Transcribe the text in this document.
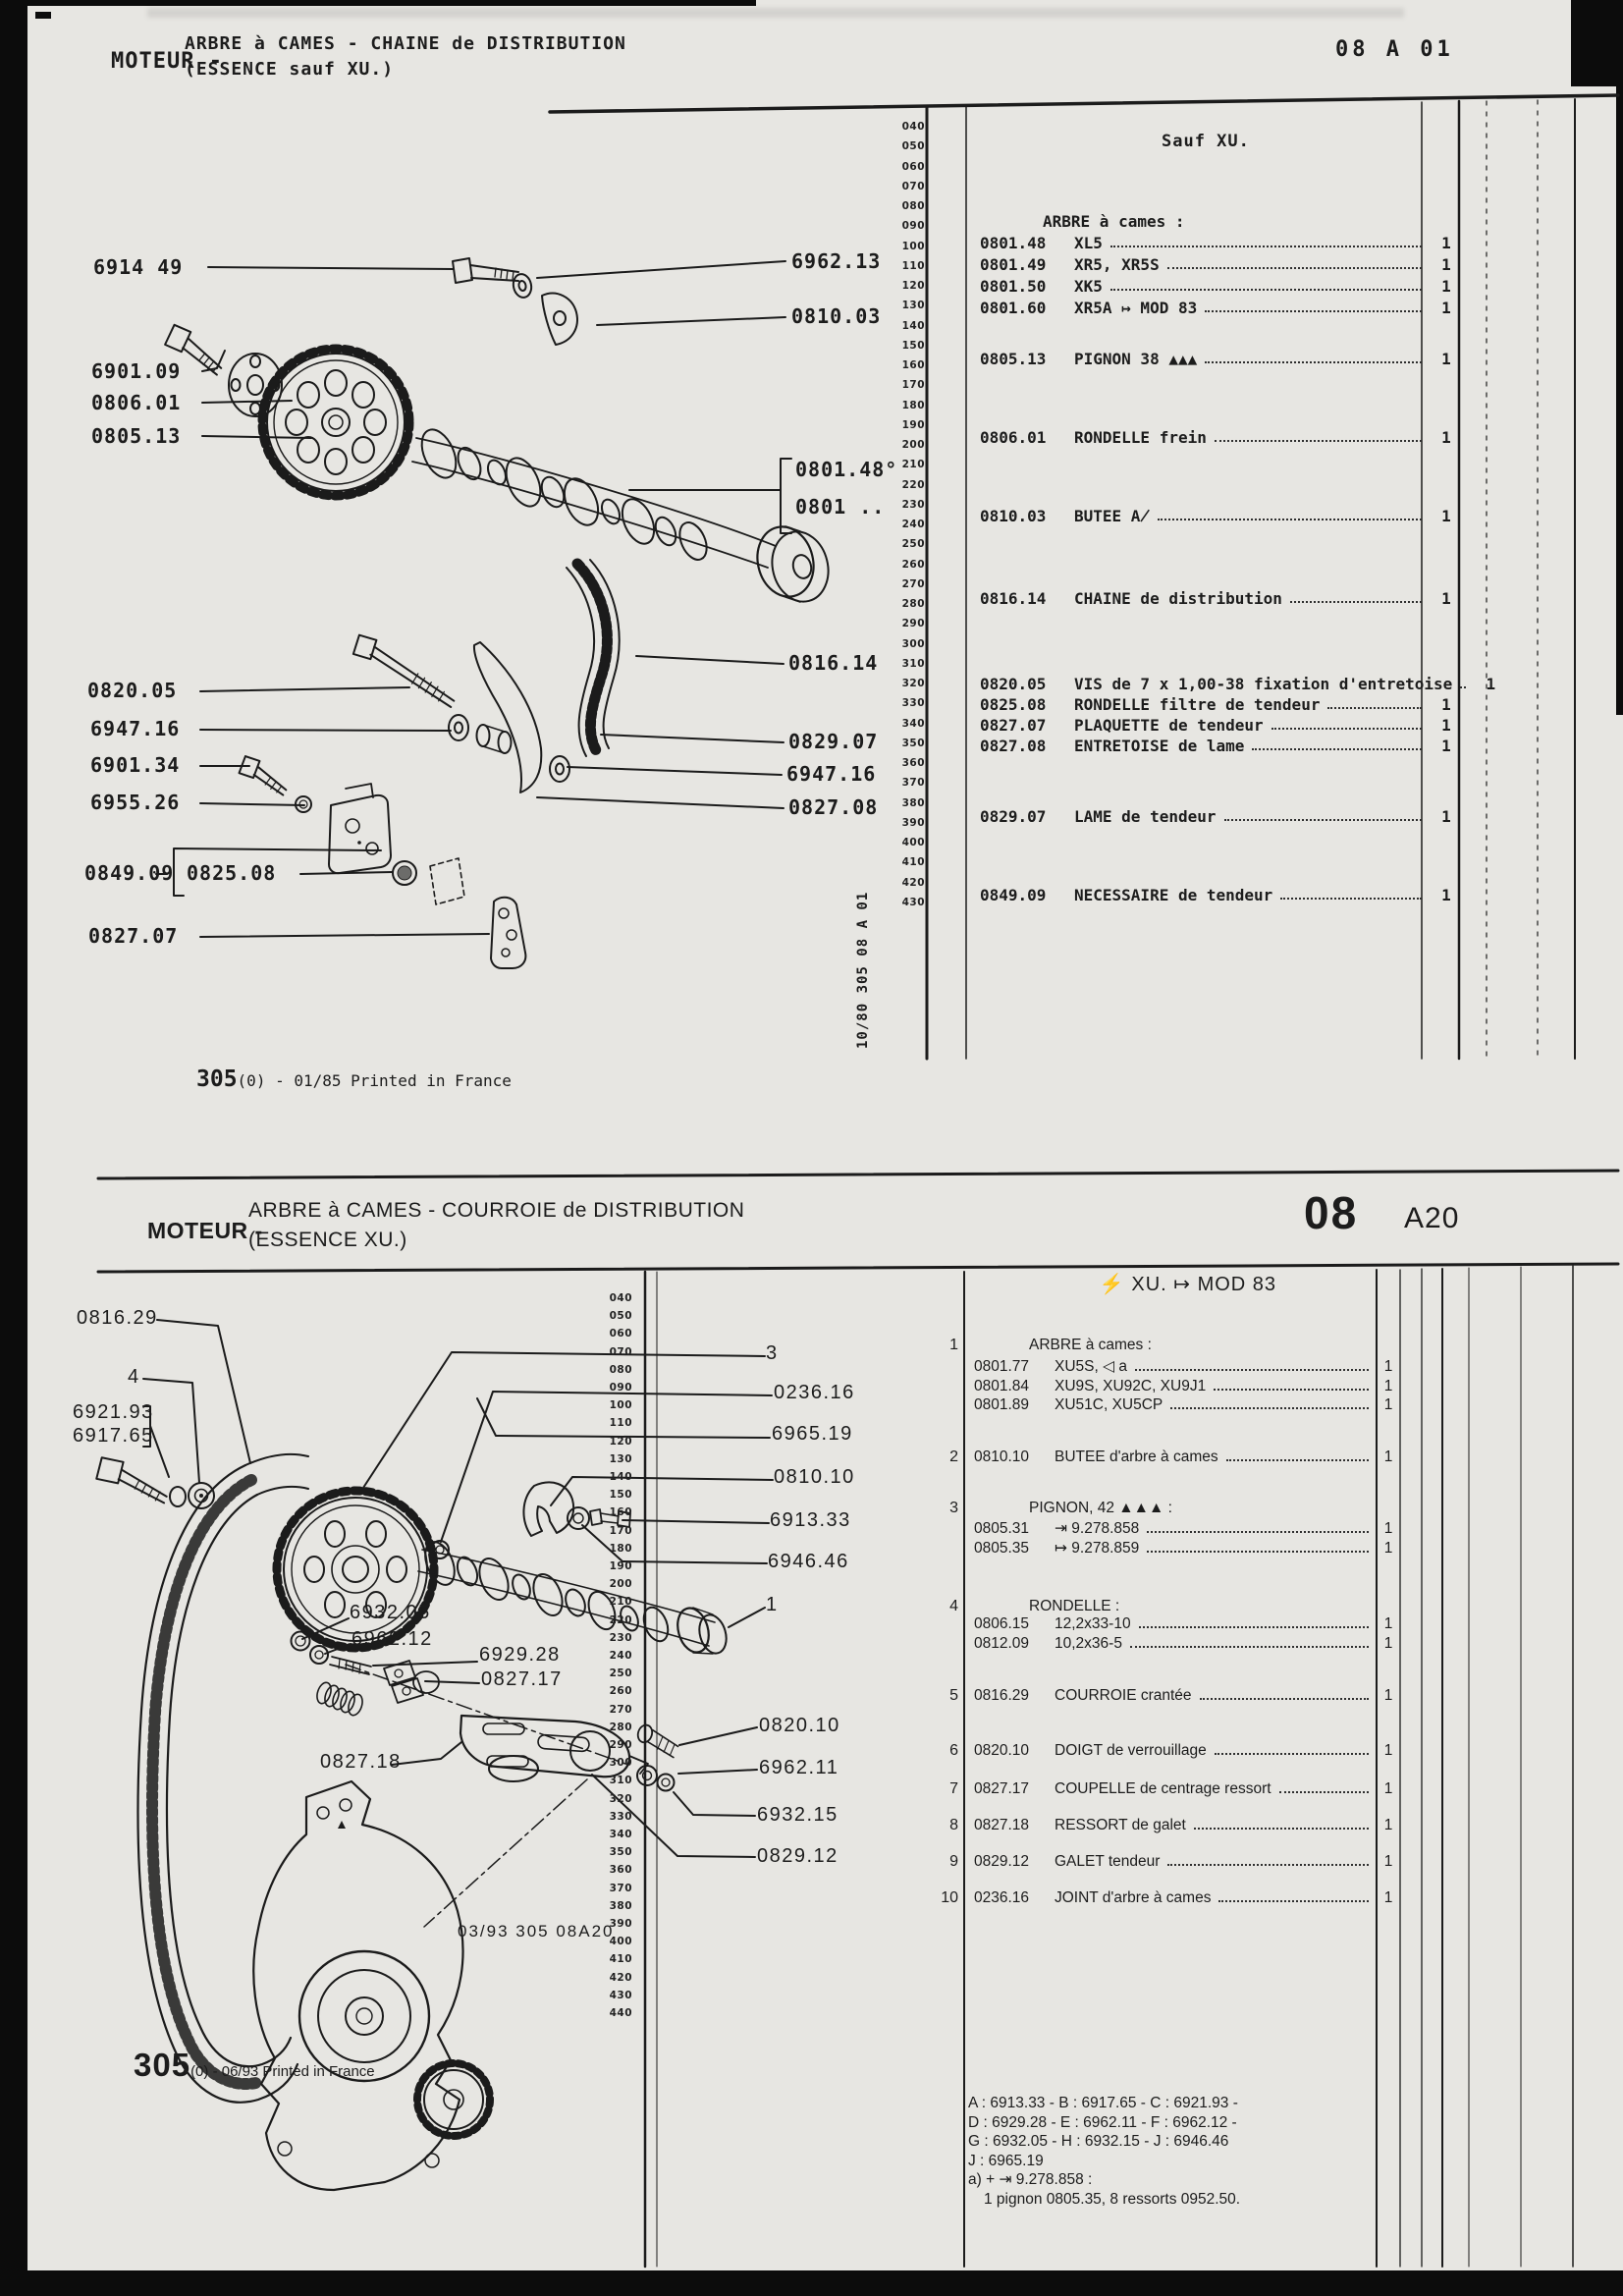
MOTEUR -
ARBRE à CAMES - CHAINE de DISTRIBUTION
(ESSENCE sauf XU.)
08 A 01
Sauf XU.
6914 49	6962.13
0810.03
6901.09
0806.01
0805.13
0801.48°
0801 ..
0816.14
0820.05
6947.16
0829.07
6901.34	6947.16
6955.26	0827.08
0849.09 0825.08
0827.07
ARBRE à cames :
0801.48	XL5	1
0801.49	XR5, XR5S	1
0801.50	XK5	1
0801.60	XR5A ↦ MOD 83	1
0805.13	PIGNON 38 ▲▲▲	1
0806.01	RONDELLE frein	1
0810.03	BUTEE A̸	1
0816.14	CHAINE de distribution	1
0820.05	VIS de 7 x 1,00-38 fixation d'entretoise	1
0825.08	RONDELLE filtre de tendeur	1
0827.07	PLAQUETTE de tendeur	1
0827.08	ENTRETOISE de lame	1
0829.07	LAME de tendeur	1
0849.09	NECESSAIRE de tendeur	1
040
050
060
070
080
090
100
110
120
130
140
150
160
170
180
190
200
210
220
230
240
250
260
270
280
290
300
310
320
330
340
350
360
370
380
390
400
410
420
430
10/80 305 08 A 01
305(0) - 01/85 Printed in France
MOTEUR -
ARBRE à CAMES - COURROIE de DISTRIBUTION
(ESSENCE XU.)
08 A20
⚡ XU. ↦ MOD 83
0816.29
3
0236.16
4
6965.19
6921.93
6917.65
0810.10
6913.33
6946.46
6932.05
6962.12
6929.28
0827.17
1
0827.18
0820.10
6962.11
6932.15
0829.12
1
2
3
4
5
6
7
8
9
10
ARBRE à cames :
0801.77	XU5S, ◁ a	1
0801.84	XU9S, XU92C, XU9J1	1
0801.89	XU51C, XU5CP	1
0810.10	BUTEE d'arbre à cames	1
PIGNON, 42 ▲▲▲ :
0805.31	⇥ 9.278.858	1
0805.35	↦ 9.278.859	1
RONDELLE :
0806.15	12,2x33-10	1
0812.09	10,2x36-5	1
0816.29	COURROIE crantée	1
0820.10	DOIGT de verrouillage	1
0827.17	COUPELLE de centrage ressort	1
0827.18	RESSORT de galet	1
0829.12	GALET tendeur	1
0236.16	JOINT d'arbre à cames	1
040
050
060
070
080
090
100
110
120
130
140
150
160
170
180
190
200
210
220
230
240
250
260
270
280
290
300
310
320
330
340
350
360
370
380
390
400
410
420
430
440
A : 6913.33 - B : 6917.65 - C : 6921.93 -
D : 6929.28 - E : 6962.11 - F : 6962.12 -
G : 6932.05 - H : 6932.15 - J : 6946.46
J : 6965.19
a) + ⇥ 9.278.858 :
1 pignon 0805.35, 8 ressorts 0952.50.
03/93 305 08A20
305(0) - 06/93 Printed in France
